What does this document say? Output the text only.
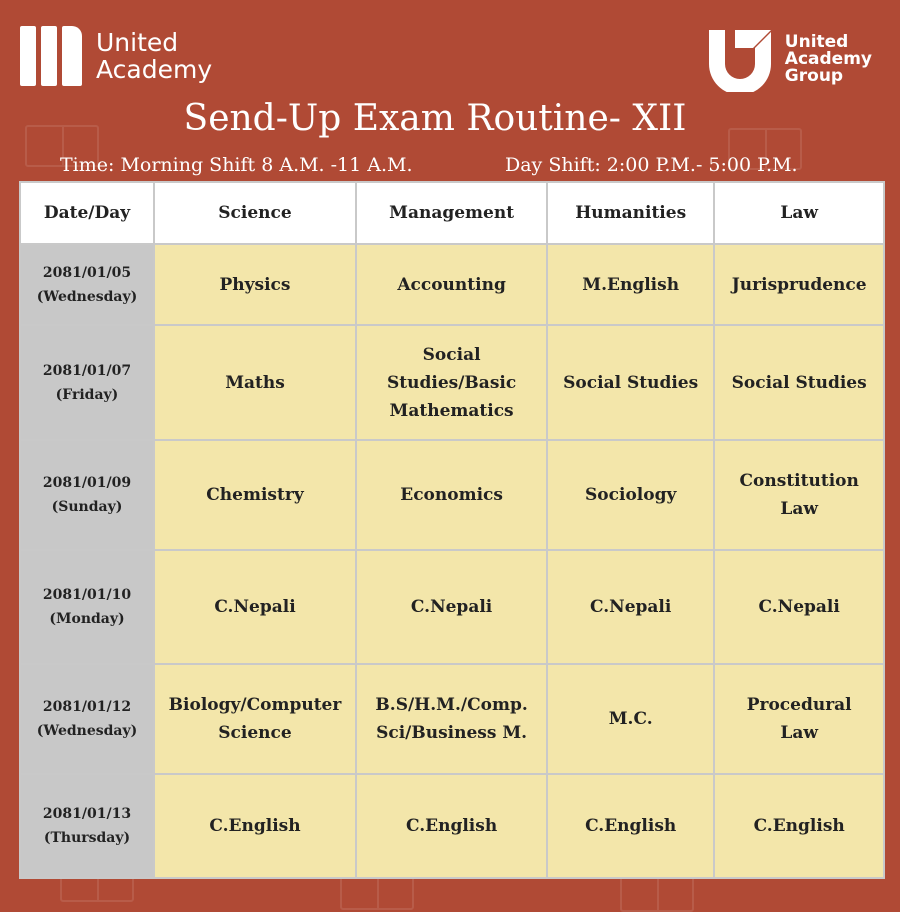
United
Academy
United
Academy
Group
Send-Up Exam Routine- XII
Time: Morning Shift 8 A.M. -11 A.M.	Day Shift: 2:00 P.M.- 5:00 P.M.
Date/Day	Science	Management	Humanities	Law

2081/01/05
(Wednesday)	Physics	Accounting	M.English	Jurisprudence

2081/01/07
(Friday)	Maths	Social Studies/Basic Mathematics	Social Studies	Social Studies

2081/01/09
(Sunday)	Chemistry	Economics	Sociology	Constitution Law

2081/01/10
(Monday)	C.Nepali	C.Nepali	C.Nepali	C.Nepali

2081/01/12
(Wednesday)	Biology/Computer Science	B.S/H.M./Comp. Sci/Business M.	M.C.	Procedural Law

2081/01/13
(Thursday)	C.English	C.English	C.English	C.English
